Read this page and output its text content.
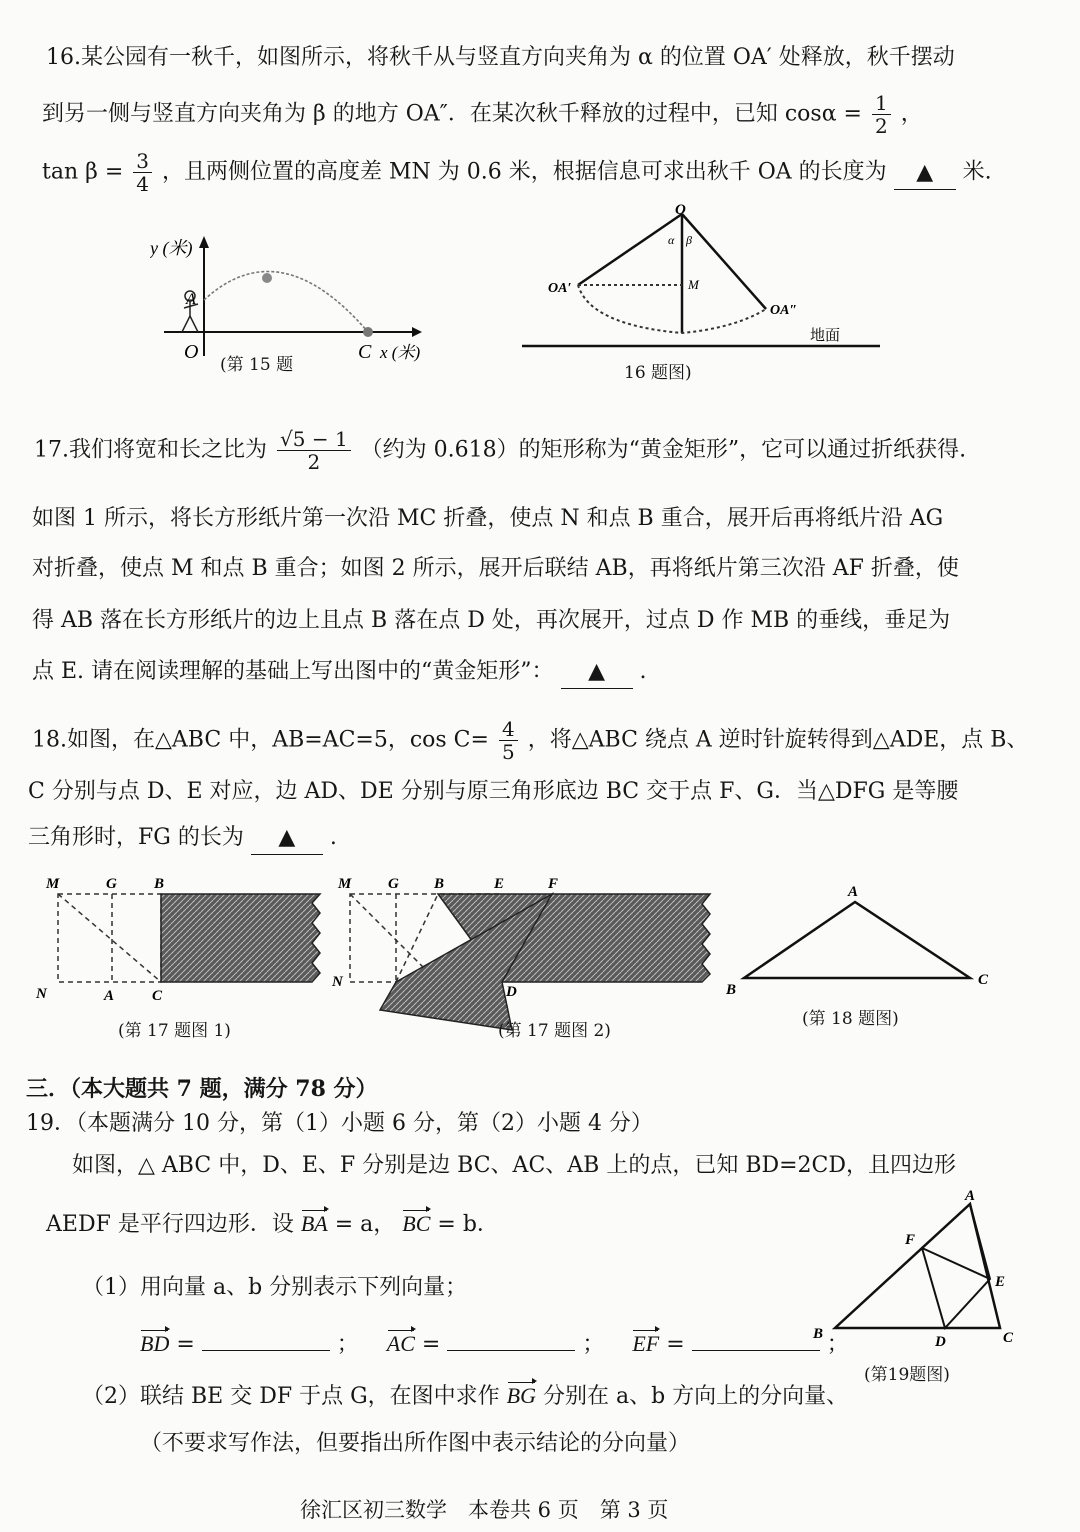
16.某公园有一秋千，如图所示，将秋千从与竖直方向夹角为 α 的位置 OA′ 处释放，秋千摆动
到另一侧与竖直方向夹角为 β 的地方 OA″．在某次秋千释放的过程中，已知 $\cos\alpha = \frac{1}{2}$ ，
$\tan \beta = \frac{3}{4}$ ，且两侧位置的高度差 MN 为 0.6 米，根据信息可求出秋千 OA 的长度为 ▲ 米.
y (米)
O
A
C x (米)
(第 15 题
O
α β
M
OA′
OA″
地面
16 题图)
17.我们将宽和长之比为 $\frac{√5 - 1}{2}$ （约为 0.618）的矩形称为“黄金矩形”，它可以通过折纸获得.
如图 1 所示，将长方形纸片第一次沿 MC 折叠，使点 N 和点 B 重合，展开后再将纸片沿 AG
对折叠，使点 M 和点 B 重合；如图 2 所示，展开后联结 AB，再将纸片第三次沿 AF 折叠，使
得 AB 落在长方形纸片的边上且点 B 落在点 D 处，再次展开，过点 D 作 MB 的垂线，垂足为
点 E. 请在阅读理解的基础上写出图中的“黄金矩形”： ▲ .
18.如图，在△ABC 中，AB=AC=5，$\cos C= \frac{4}{5}$ ，将△ABC 绕点 A 逆时针旋转得到△ADE，点 B、
C 分别与点 D、E 对应，边 AD、DE 分别与原三角形底边 BC 交于点 F、G．当△DFG 是等腰
三角形时，FG 的长为 ▲ .
M	G B
N	A	C
(第 17 题图 1)
M G B	E	F
N
D
(第 17 题图 2)
A
B
C
(第 18 题图)
三．（本大题共 7 题，满分 78 分）
19．（本题满分 10 分，第（1）小题 6 分，第（2）小题 4 分）
如图，△ ABC 中，D、E、F 分别是边 BC、AC、AB 上的点，已知 BD=2CD，且四边形
AEDF 是平行四边形．设 BA = a， BC = b．
（1）用向量 a、b 分别表示下列向量；
BD =	； AC =	； EF =	；
（2）联结 BE 交 DF 于点 G，在图中求作 BG 分别在 a、b 方向上的分向量、
（不要求写作法，但要指出所作图中表示结论的分向量）
A
B	C
D
E
F
(第19题图)
徐汇区初三数学　本卷共 6 页　第 3 页
